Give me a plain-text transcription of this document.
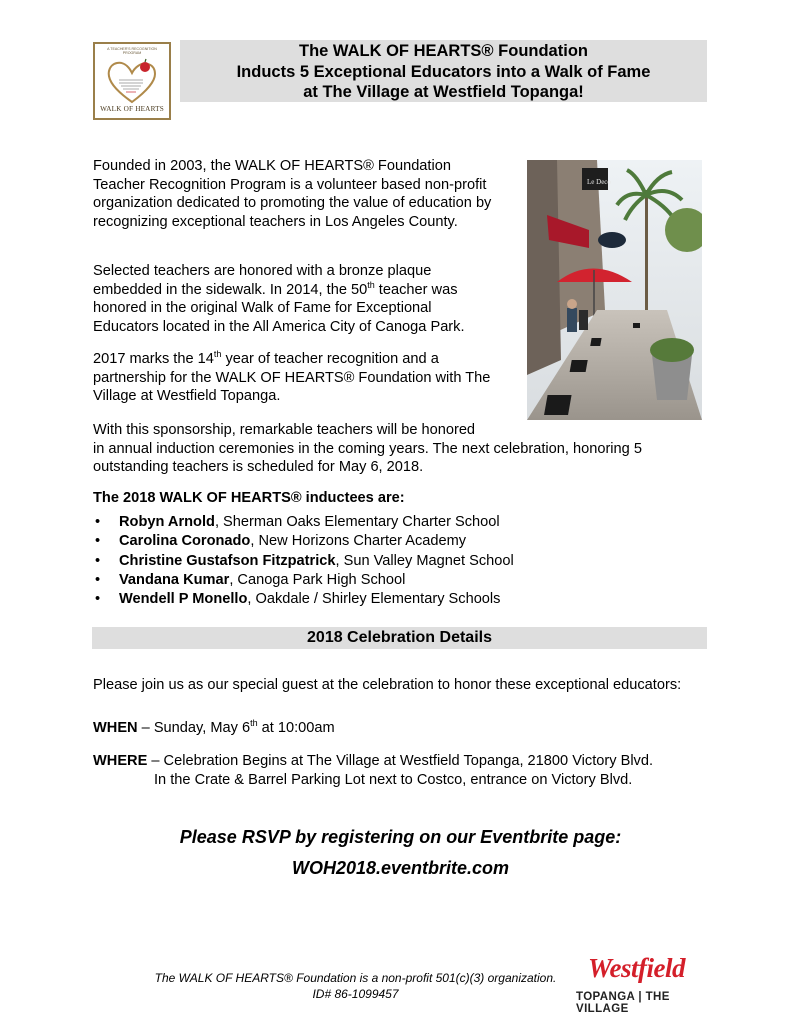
A TEACHER'S RECOGNITION PROGRAM
WALK OF HEARTS
The WALK OF HEARTS® Foundation
Inducts 5 Exceptional Educators into a Walk of Fame
at The Village at Westfield Topanga!
Founded in 2003, the WALK OF HEARTS® Foundation Teacher Recognition Program is a volunteer based non-profit organization dedicated to promoting the value of education by recognizing exceptional teachers in Los Angeles County.
Selected teachers are honored with a bronze plaque embedded in the sidewalk. In 2014, the 50th teacher was honored in the original Walk of Fame for Exceptional Educators located in the All America City of Canoga Park.
2017 marks the 14th year of teacher recognition and a partnership for the WALK OF HEARTS® Foundation with The Village at Westfield Topanga.
With this sponsorship, remarkable teachers will be honored
in annual induction ceremonies in the coming years. The next celebration, honoring 5 outstanding teachers is scheduled for May 6, 2018.
Le Deco
The 2018 WALK OF HEARTS® inductees are:
• Robyn Arnold, Sherman Oaks Elementary Charter School
• Carolina Coronado, New Horizons Charter Academy
• Christine Gustafson Fitzpatrick, Sun Valley Magnet School
• Vandana Kumar, Canoga Park High School
• Wendell P Monello, Oakdale / Shirley Elementary Schools
2018 Celebration Details
Please join us as our special guest at the celebration to honor these exceptional educators:
WHEN – Sunday, May 6th at 10:00am
WHERE – Celebration Begins at The Village at Westfield Topanga, 21800 Victory Blvd.
In the Crate & Barrel Parking Lot next to Costco, entrance on Victory Blvd.
Please RSVP by registering on our Eventbrite page:
WOH2018.eventbrite.com
The WALK OF HEARTS® Foundation is a non-profit 501(c)(3) organization.
ID# 86-1099457
Westfield
TOPANGA | THE VILLAGE
